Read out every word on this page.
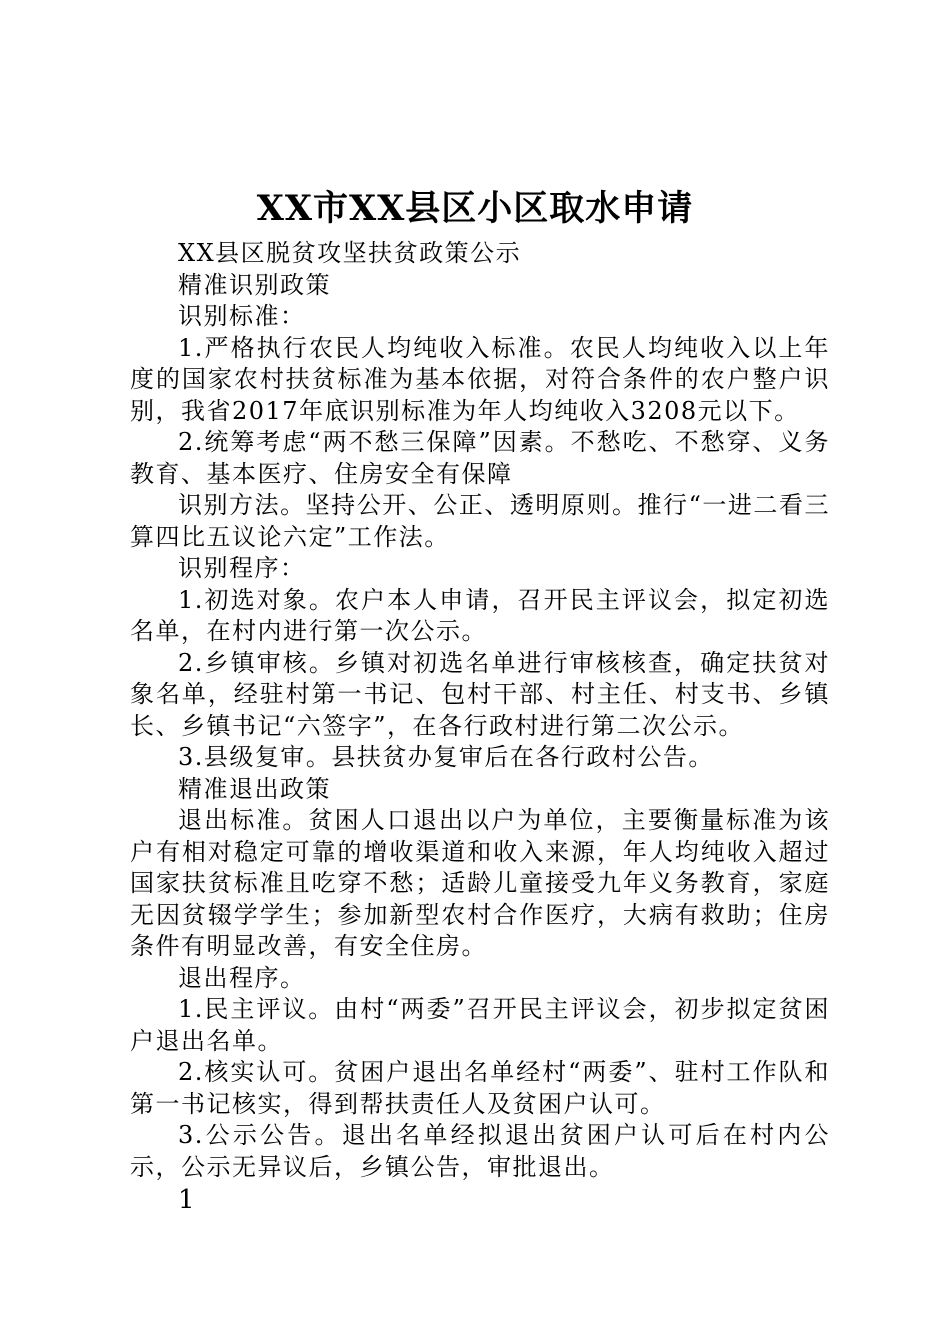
XX市XX县区小区取水申请

XX县区脱贫攻坚扶贫政策公示

精准识别政策

识别标准：

1.严格执行农民人均纯收入标准。农民人均纯收入以上年度的国家农村扶贫标准为基本依据，对符合条件的农户整户识别，我省2017年底识别标准为年人均纯收入3208元以下。

2.统筹考虑“两不愁三保障”因素。不愁吃、不愁穿、义务教育、基本医疗、住房安全有保障

识别方法。坚持公开、公正、透明原则。推行“一进二看三算四比五议论六定”工作法。

识别程序：

1.初选对象。农户本人申请，召开民主评议会，拟定初选名单，在村内进行第一次公示。

2.乡镇审核。乡镇对初选名单进行审核核查，确定扶贫对象名单，经驻村第一书记、包村干部、村主任、村支书、乡镇长、乡镇书记“六签字”，在各行政村进行第二次公示。

3.县级复审。县扶贫办复审后在各行政村公告。

精准退出政策

退出标准。贫困人口退出以户为单位，主要衡量标准为该户有相对稳定可靠的增收渠道和收入来源，年人均纯收入超过国家扶贫标准且吃穿不愁；适龄儿童接受九年义务教育，家庭无因贫辍学学生；参加新型农村合作医疗，大病有救助；住房条件有明显改善，有安全住房。

退出程序。

1.民主评议。由村“两委”召开民主评议会，初步拟定贫困户退出名单。

2.核实认可。贫困户退出名单经村“两委”、驻村工作队和第一书记核实，得到帮扶责任人及贫困户认可。

3.公示公告。退出名单经拟退出贫困户认可后在村内公示，公示无异议后，乡镇公告，审批退出。

1
